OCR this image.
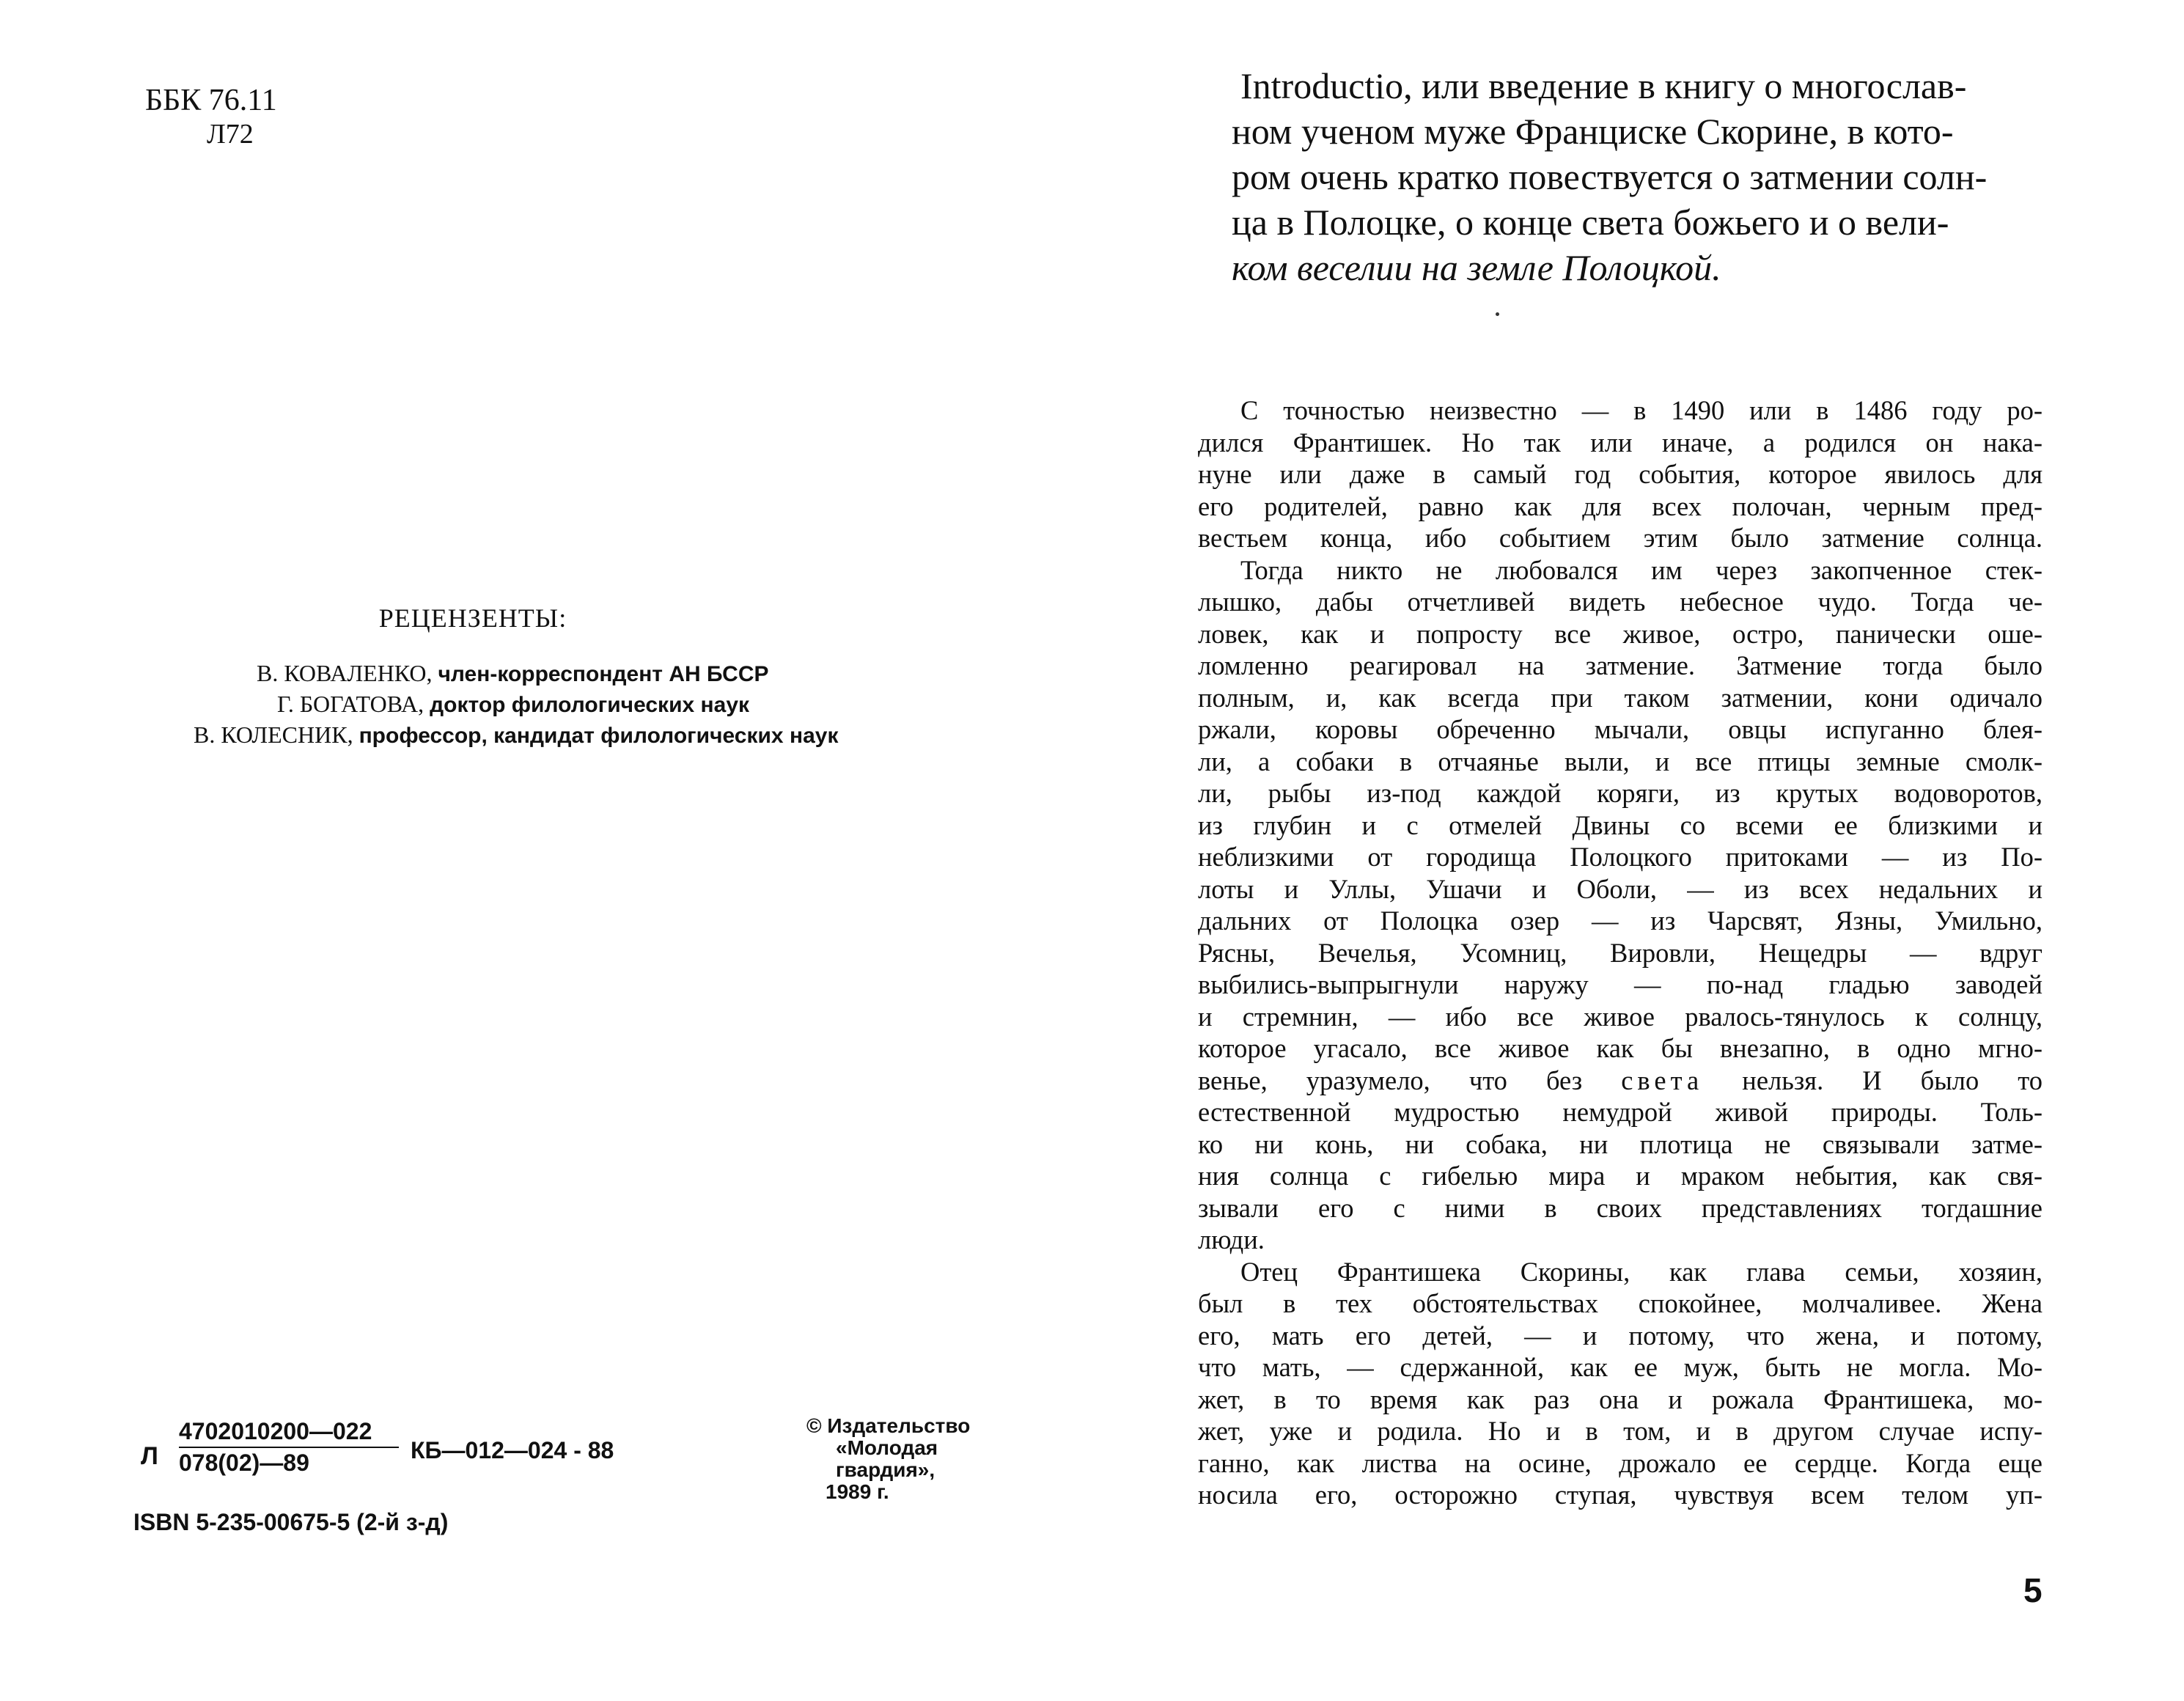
ББК 76.11
Л72
РЕЦЕНЗЕНТЫ:
В. КОВАЛЕНКО, член-корреспондент АН БССР
Г. БОГАТОВА, доктор филологических наук
В. КОЛЕСНИК, профессор, кандидат филологических наук
Л $\frac{4702010200—022}{078(02)—89}$ КБ—012—024 - 88
© Издательство
«Молодая
гвардия»,
1989 г.
ISBN 5-235-00675-5 (2-й з-д)
Introductio, или введение в книгу о многослав-
ном ученом муже Франциске Скорине, в кото-
ром очень кратко повествуется о затмении солн-
ца в Полоцке, о конце света божьего и о вели-
ком веселии на земле Полоцкой.
С точностью неизвестно — в 1490 или в 1486 году ро-
дился Франтишек. Но так или иначе, а родился он нака-
нуне или даже в самый год события, которое явилось для
его родителей, равно как для всех полочан, черным пред-
вестьем конца, ибо событием этим было затмение солнца.
Тогда никто не любовался им через закопченное стек-
лышко, дабы отчетливей видеть небесное чудо. Тогда че-
ловек, как и попросту все живое, остро, панически оше-
ломленно реагировал на затмение. Затмение тогда было
полным, и, как всегда при таком затмении, кони одичало
ржали, коровы обреченно мычали, овцы испуганно блея-
ли, а собаки в отчаянье выли, и все птицы земные смолк-
ли, рыбы из-под каждой коряги, из крутых водоворотов,
из глубин и с отмелей Двины со всеми ее близкими и
неблизкими от городища Полоцкого притоками — из По-
лоты и Уллы, Ушачи и Оболи, — из всех недальних и
дальних от Полоцка озер — из Чарсвят, Язны, Умильно,
Рясны, Вечелья, Усомниц, Вировли, Нещедры — вдруг
выбились-выпрыгнули наружу — по-над гладью заводей
и стремнин, — ибо все живое рвалось-тянулось к солнцу,
которое угасало, все живое как бы внезапно, в одно мгно-
венье, уразумело, что без света нельзя. И было то
естественной мудростью немудрой живой природы. Толь-
ко ни конь, ни собака, ни плотица не связывали затме-
ния солнца с гибелью мира и мраком небытия, как свя-
зывали его с ними в своих представлениях тогдашние
люди.
Отец Франтишека Скорины, как глава семьи, хозяин,
был в тех обстоятельствах спокойнее, молчаливее. Жена
его, мать его детей, — и потому, что жена, и потому,
что мать, — сдержанной, как ее муж, быть не могла. Мо-
жет, в то время как раз она и рожала Франтишека, мо-
жет, уже и родила. Но и в том, и в другом случае испу-
ганно, как листва на осине, дрожало ее сердце. Когда еще
носила его, осторожно ступая, чувствуя всем телом уп-
5
